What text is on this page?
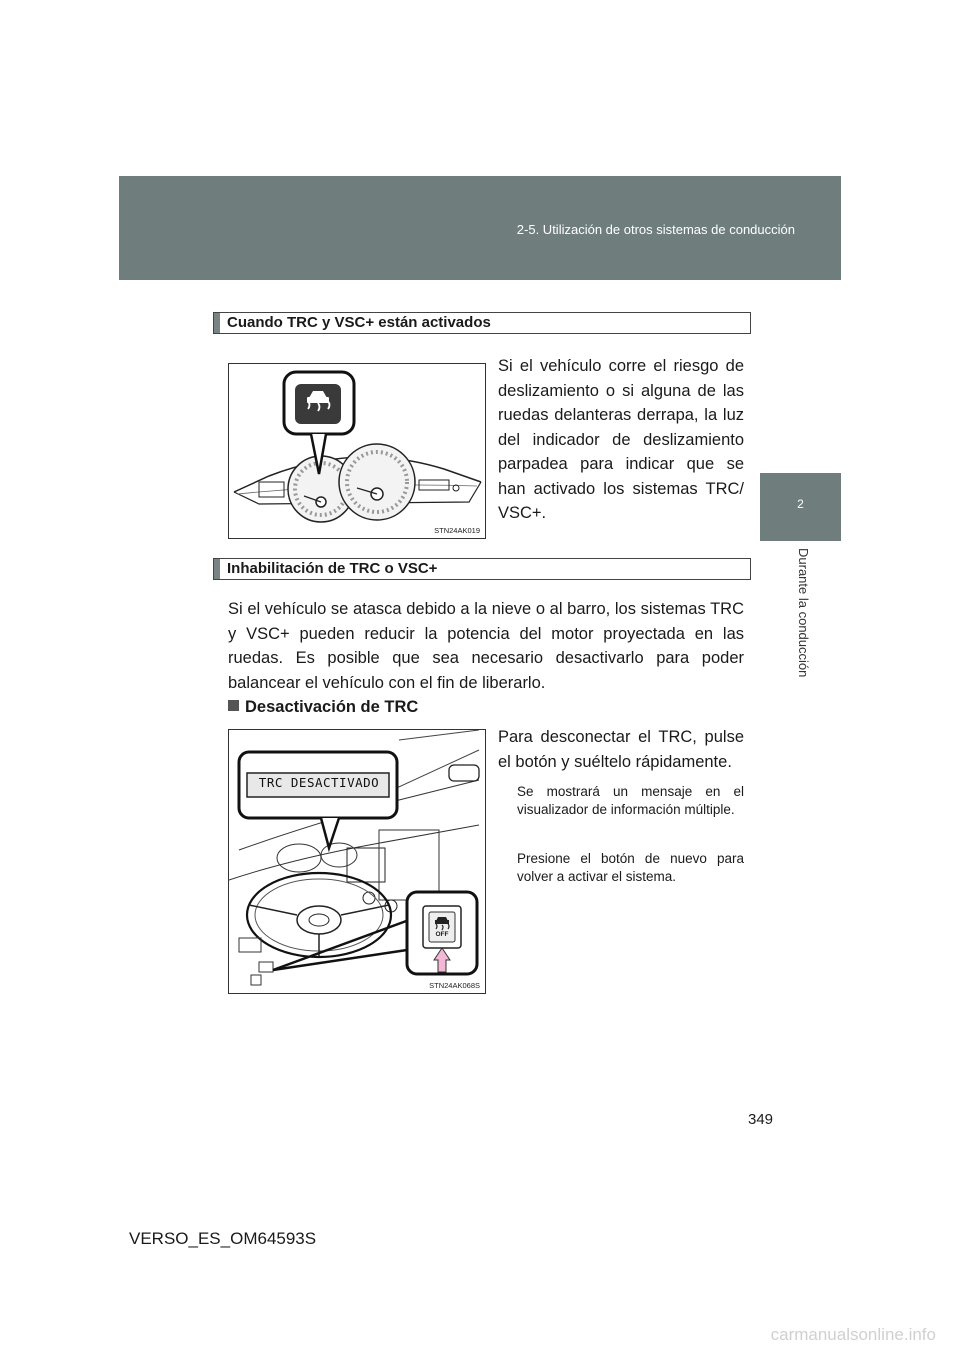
2-5. Utilización de otros sistemas de conducción
2
Durante la conducción
Cuando TRC y VSC+ están activados
STN24AK019
Si el vehículo corre el riesgo de deslizamiento o si alguna de las ruedas delanteras derrapa, la luz del indicador de deslizamiento parpadea para indicar que se han activado los sistemas TRC/ VSC+.
Inhabilitación de TRC o VSC+
Si el vehículo se atasca debido a la nieve o al barro, los sistemas TRC y VSC+ pueden reducir la potencia del motor proyectada en las ruedas. Es posible que sea necesario desactivarlo para poder balancear el vehículo con el fin de liberarlo.
Desactivación de TRC
TRC DESACTIVADO
OFF
STN24AK068S
Para desconectar el TRC, pulse el botón y suéltelo rápidamente.
Se mostrará un mensaje en el visualizador de información múltiple.
Presione el botón de nuevo para volver a activar el sistema.
349
VERSO_ES_OM64593S
carmanualsonline.info
